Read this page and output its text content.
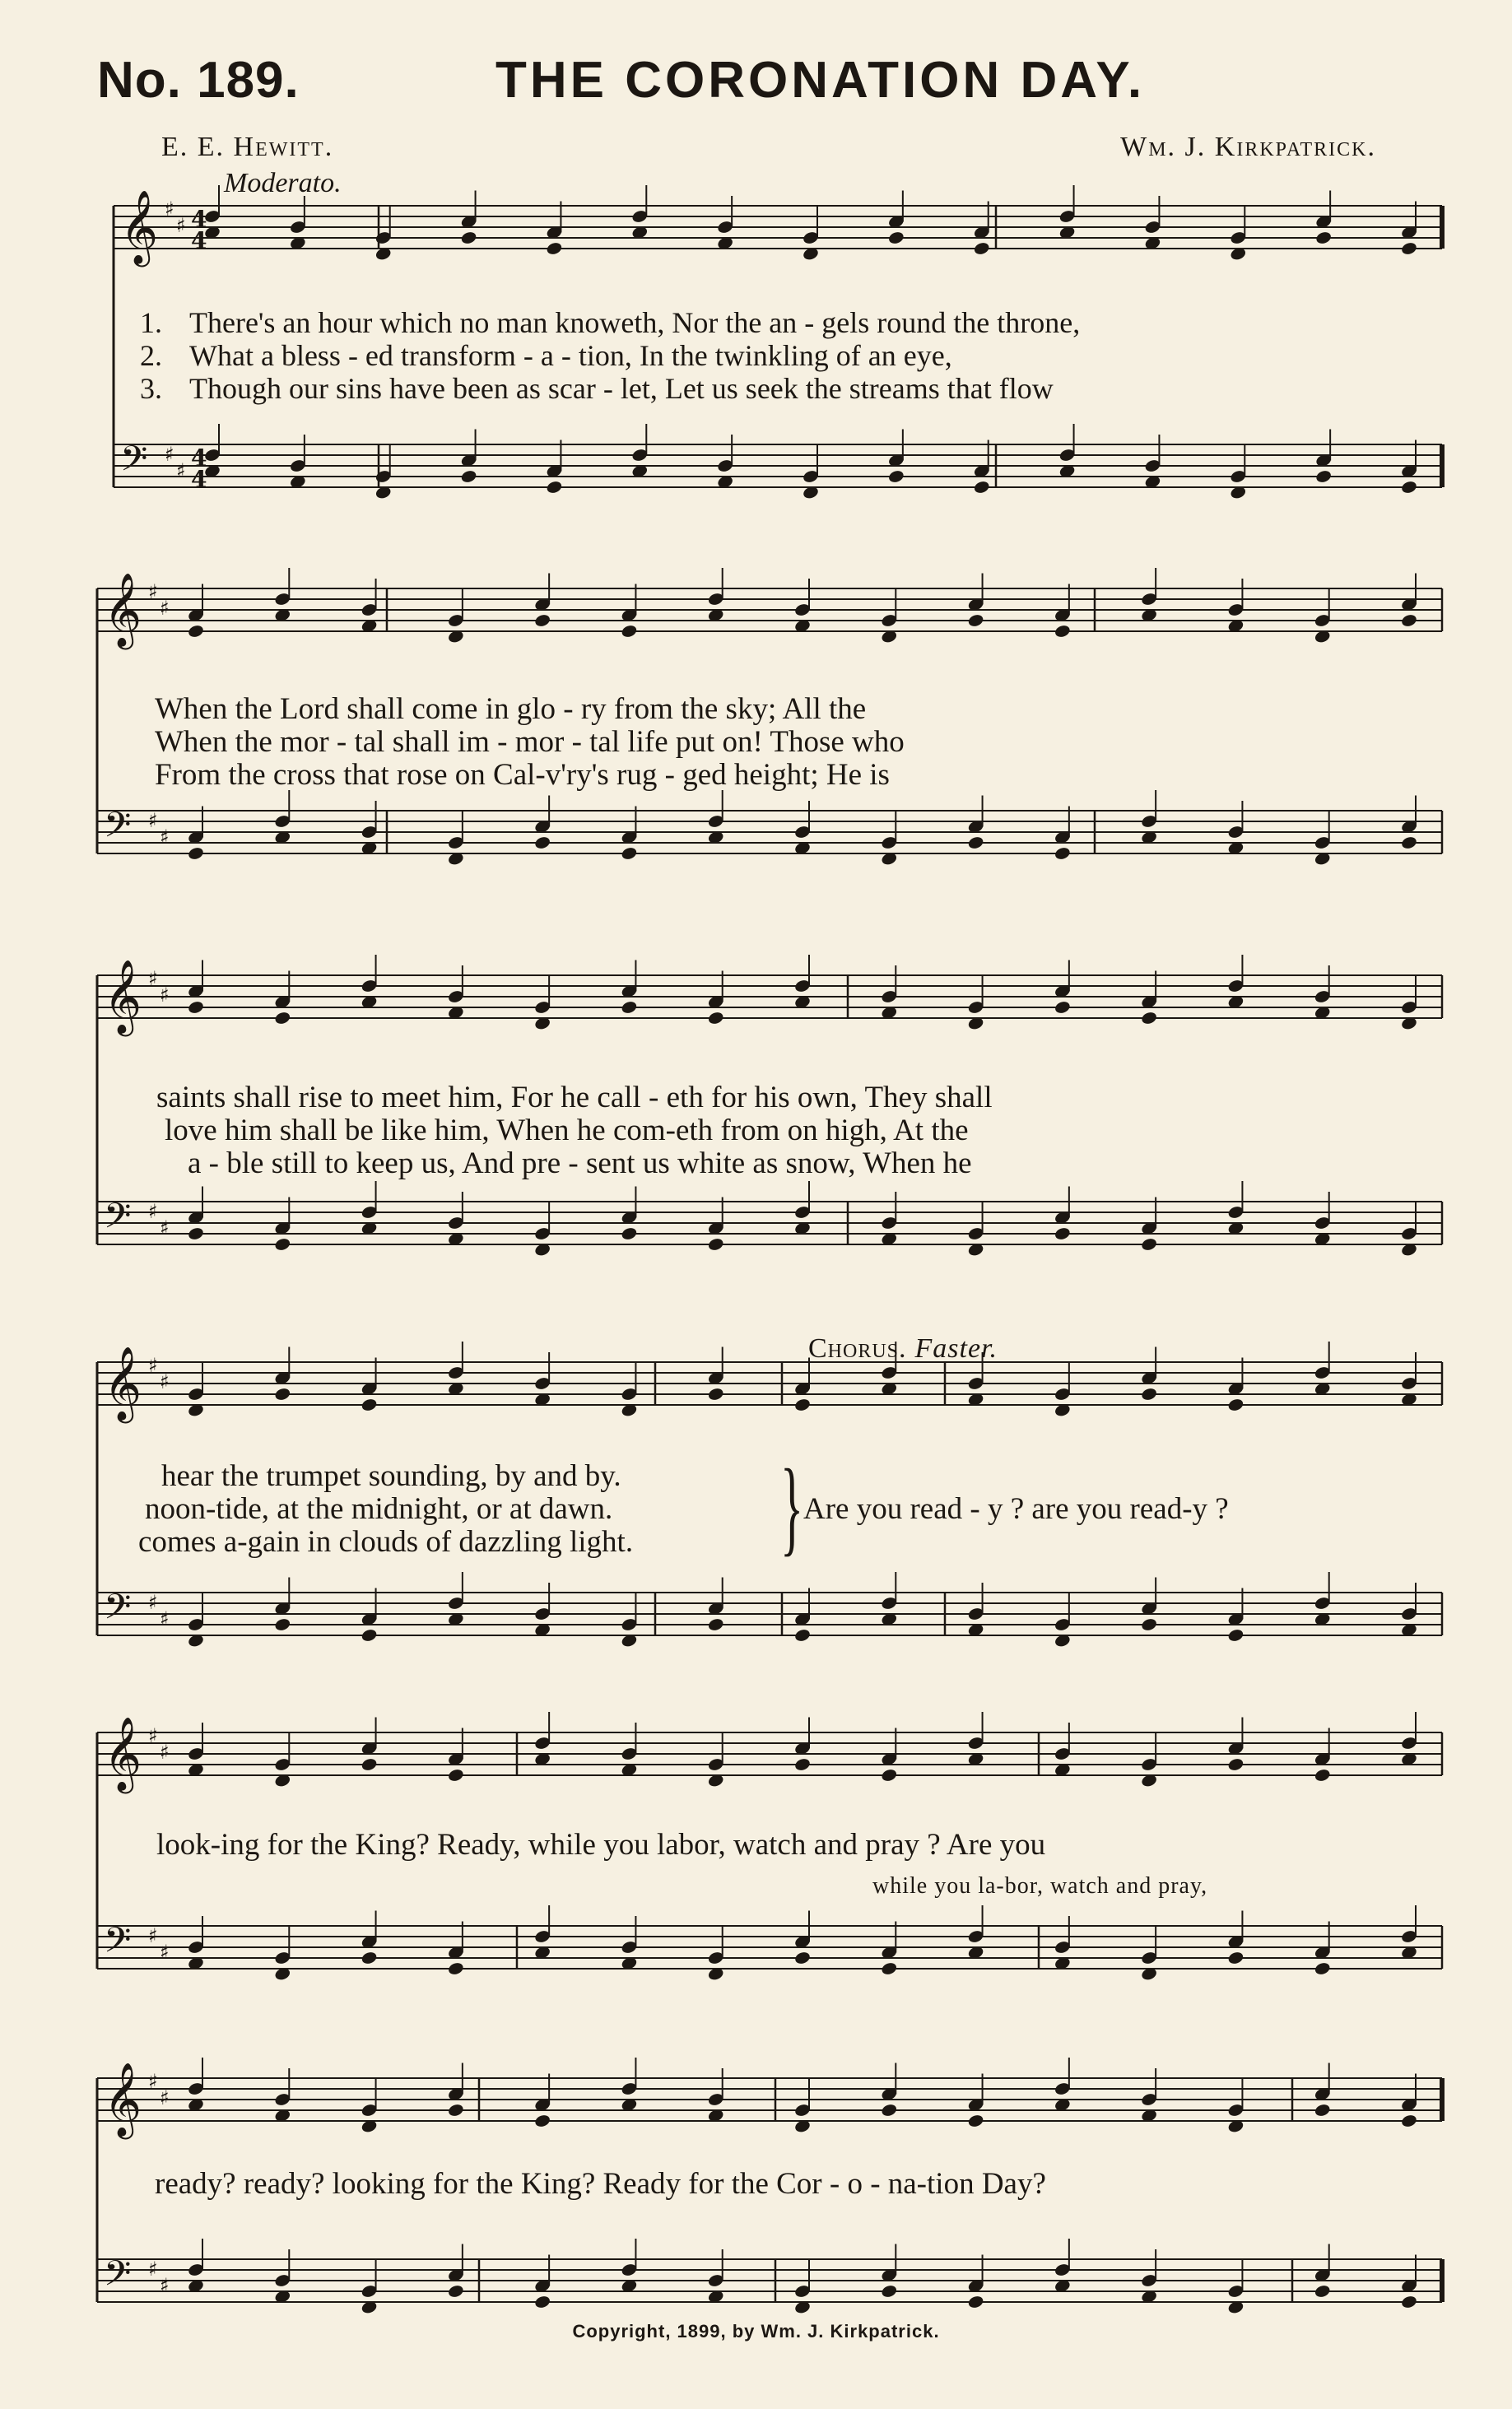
No. 189.	THE CORONATION DAY.
E. E. Hewitt.	Wm. J. Kirkpatrick.
Moderato.
𝄞 ♯
♯
𝄢 ♯
♯
𝄞 ♯
♯
𝄢 ♯
♯
𝄞 ♯
♯
𝄢 ♯
♯
𝄞 ♯
♯
𝄢 ♯
♯
𝄞 ♯
♯
𝄢 ♯
♯
𝄞 ♯
♯
𝄢 ♯
♯
4
4
4
4
1. There's an hour which no man knoweth, Nor the an - gels round the throne,
2. What a bless - ed transform - a - tion, In the twinkling of an eye,
3. Though our sins have been as scar - let, Let us seek the streams that flow
When the Lord shall come in glo - ry from the sky; All the
When the mor - tal shall im - mor - tal life put on! Those who
From the cross that rose on Cal-v'ry's rug - ged height; He is
saints shall rise to meet him, For he call - eth for his own, They shall
love him shall be like him, When he com-eth from on high, At the
a - ble still to keep us, And pre - sent us white as snow, When he
Chorus. Faster.
hear the trumpet sounding, by and by.
noon-tide, at the midnight, or at dawn.
comes a-gain in clouds of dazzling light. } Are you read - y ? are you read-y ?
look-ing for the King? Ready, while you labor, watch and pray ? Are you
while you la-bor, watch and pray,
ready? ready? looking for the King? Ready for the Cor - o - na-tion Day?
Copyright, 1899, by Wm. J. Kirkpatrick.
